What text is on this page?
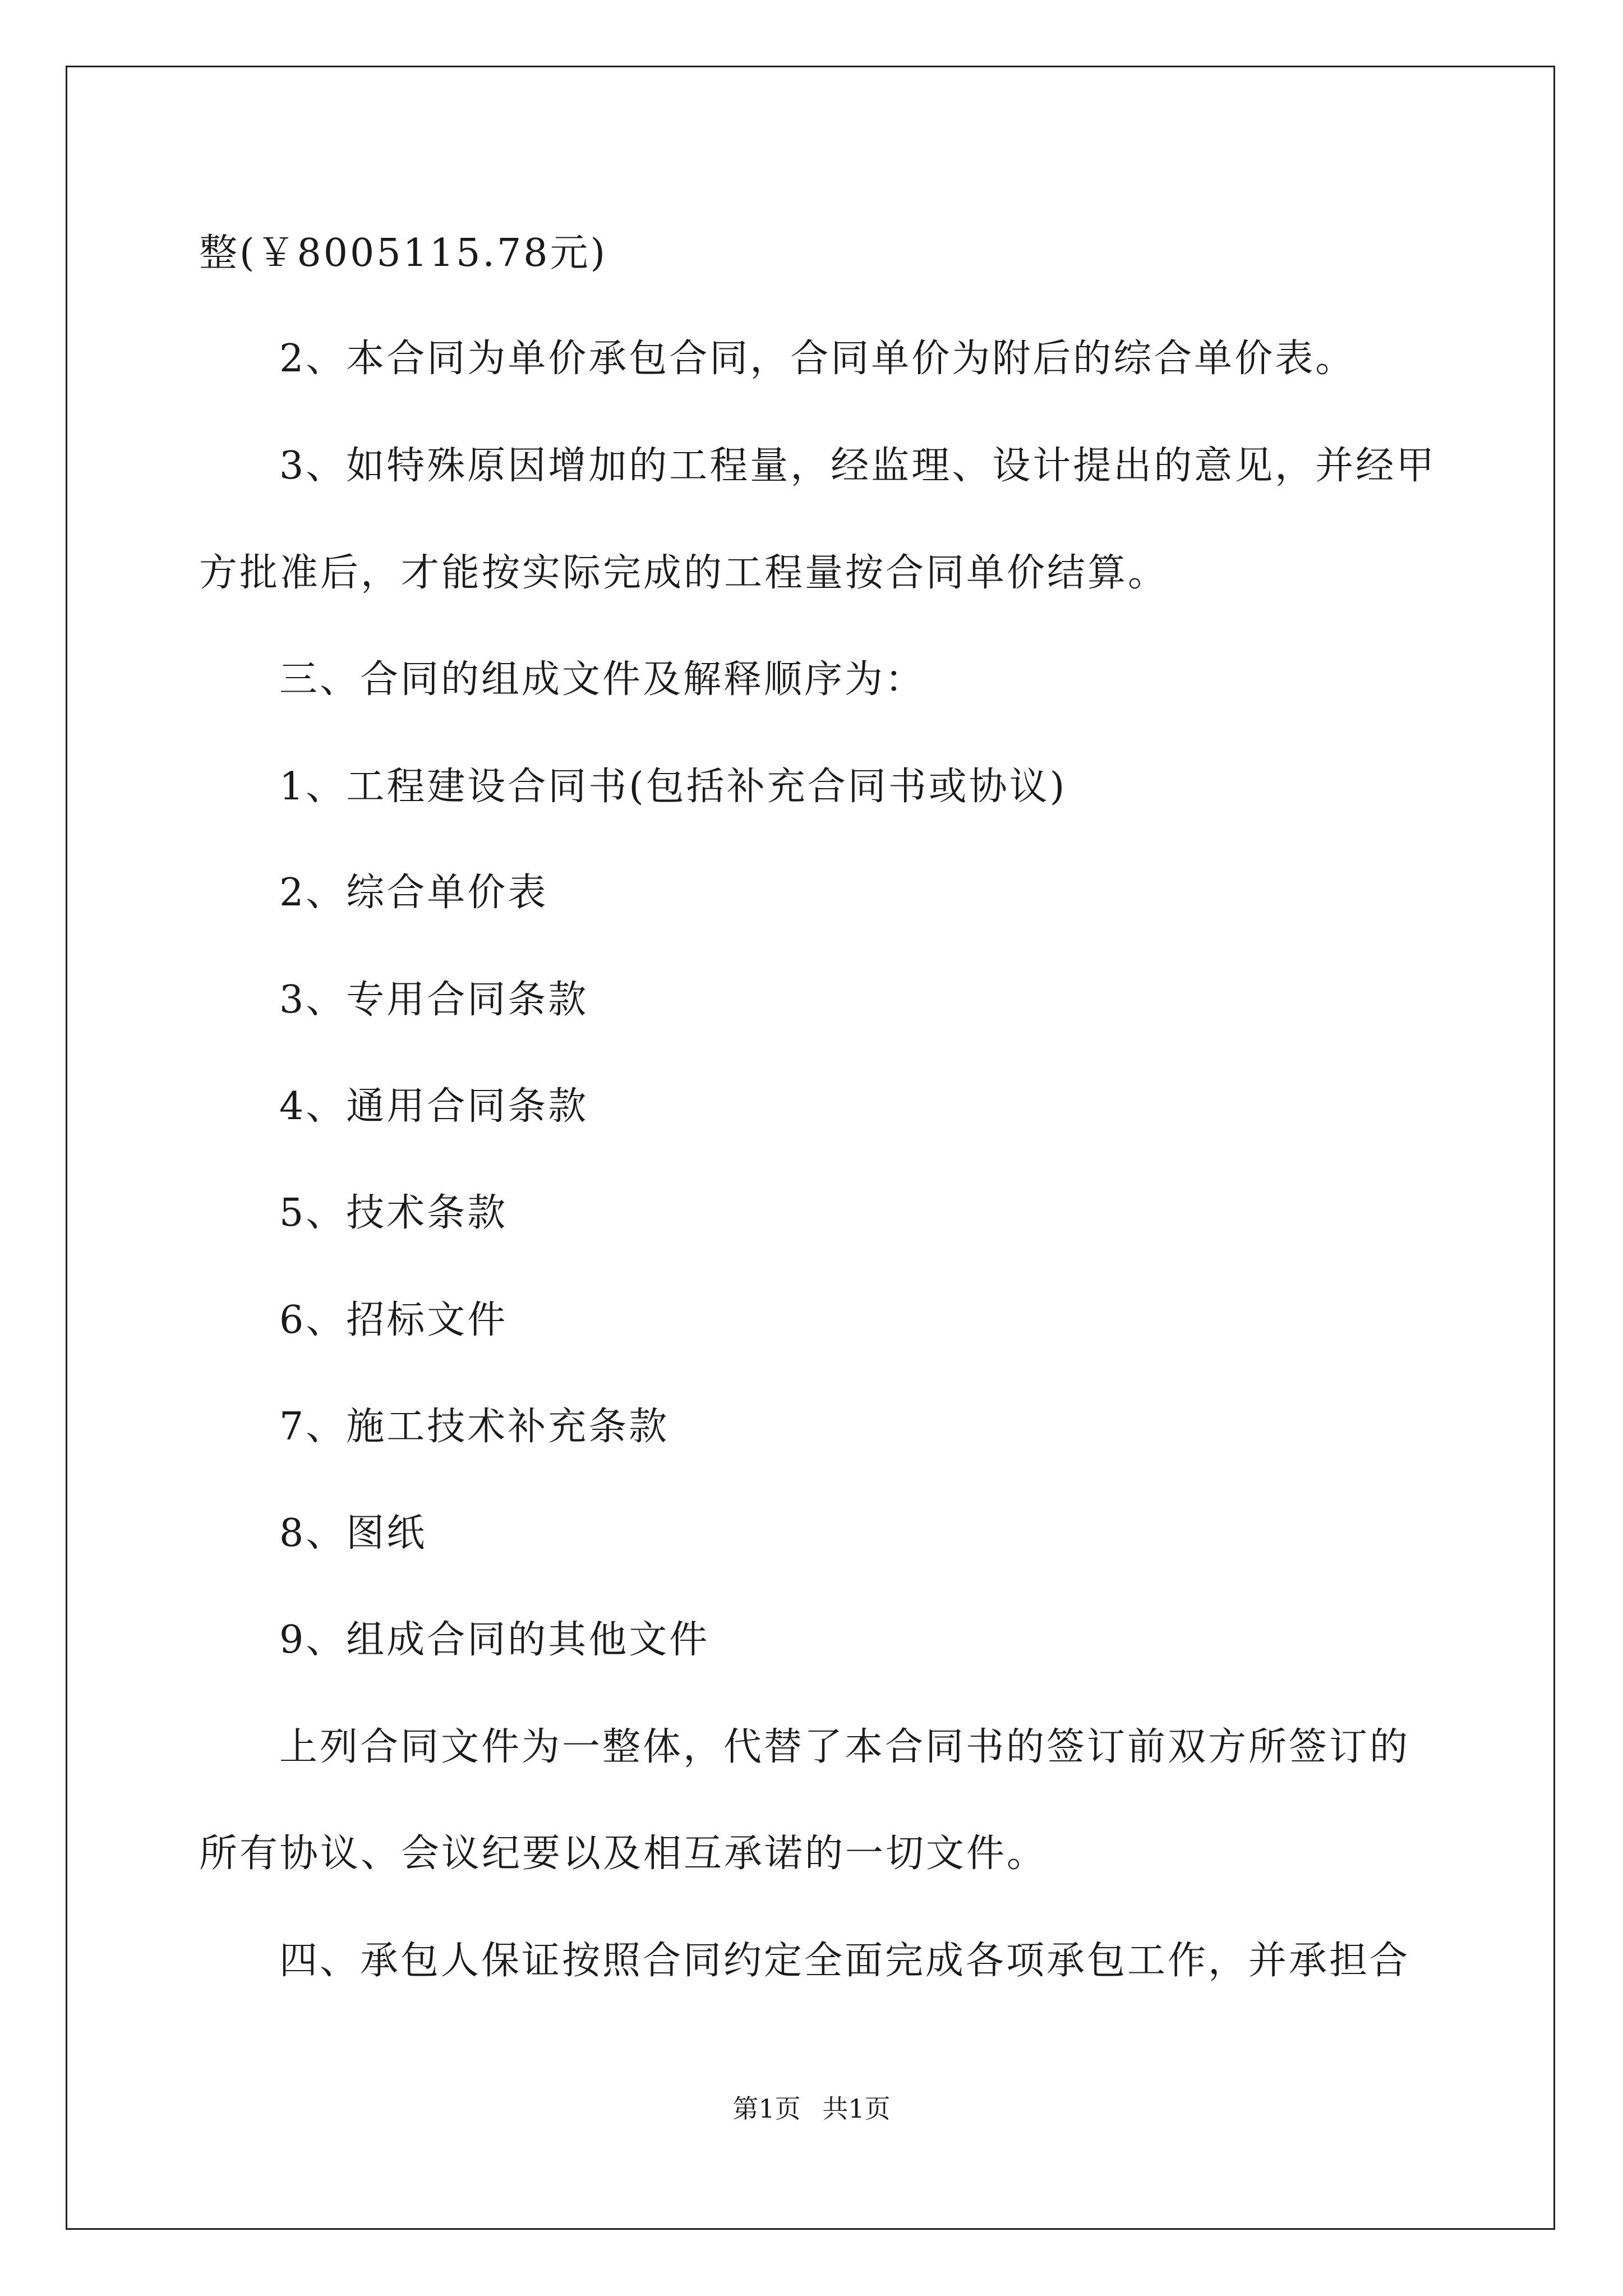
整(￥8005115.78元)

2、本合同为单价承包合同，合同单价为附后的综合单价表。

3、如特殊原因增加的工程量，经监理、设计提出的意见，并经甲

方批准后，才能按实际完成的工程量按合同单价结算。

三、合同的组成文件及解释顺序为：

1、工程建设合同书(包括补充合同书或协议)

2、综合单价表

3、专用合同条款

4、通用合同条款

5、技术条款

6、招标文件

7、施工技术补充条款

8、图纸

9、组成合同的其他文件

上列合同文件为一整体，代替了本合同书的签订前双方所签订的

所有协议、会议纪要以及相互承诺的一切文件。

四、承包人保证按照合同约定全面完成各项承包工作，并承担合

第1页 共1页
